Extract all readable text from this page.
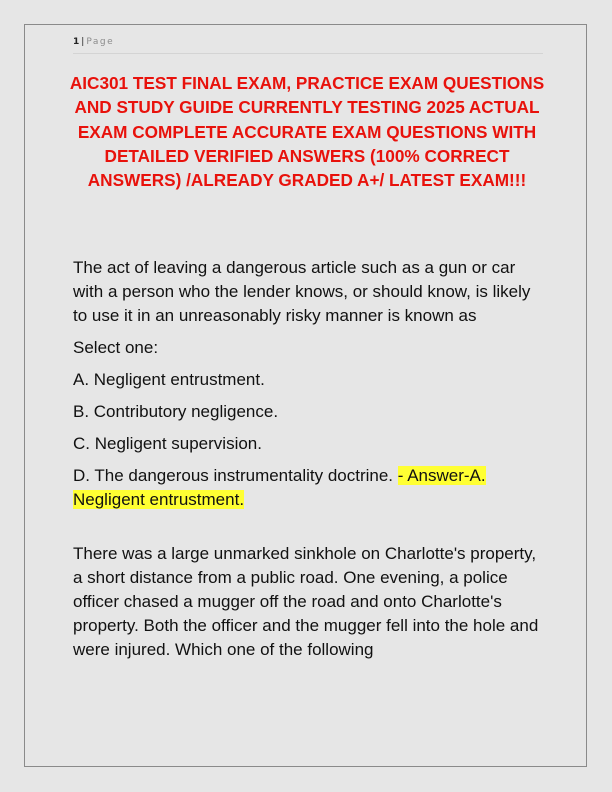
1 | Page
AIC301 TEST FINAL EXAM, PRACTICE EXAM QUESTIONS AND STUDY GUIDE CURRENTLY TESTING 2025 ACTUAL EXAM COMPLETE ACCURATE EXAM QUESTIONS WITH DETAILED VERIFIED ANSWERS (100% CORRECT ANSWERS) /ALREADY GRADED A+/ LATEST EXAM!!!

The act of leaving a dangerous article such as a gun or car with a person who the lender knows, or should know, is likely to use it in an unreasonably risky manner is known as

Select one:

A. Negligent entrustment.

B. Contributory negligence.

C. Negligent supervision.

D. The dangerous instrumentality doctrine. - Answer-A. Negligent entrustment.

There was a large unmarked sinkhole on Charlotte's property, a short distance from a public road. One evening, a police officer chased a mugger off the road and onto Charlotte's property. Both the officer and the mugger fell into the hole and were injured. Which one of the following
